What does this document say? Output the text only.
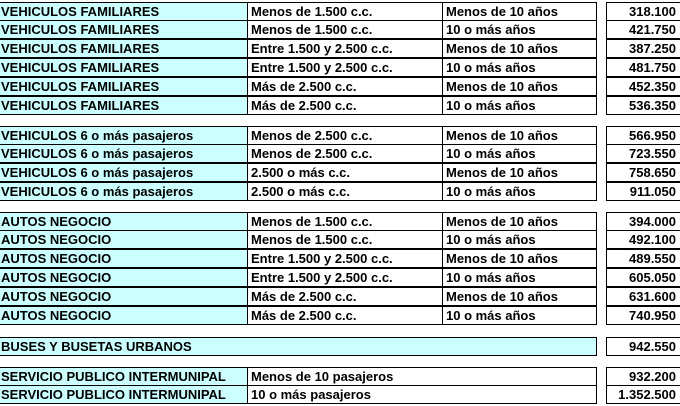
VEHICULOS FAMILIARES	Menos de 1.500 c.c.	Menos de 10 años	318.100
VEHICULOS FAMILIARES	Menos de 1.500 c.c.	10 o más años	421.750
VEHICULOS FAMILIARES	Entre 1.500 y 2.500 c.c.	Menos de 10 años	387.250
VEHICULOS FAMILIARES	Entre 1.500 y 2.500 c.c.	10 o más años	481.750
VEHICULOS FAMILIARES	Más de 2.500 c.c.	Menos de 10 años	452.350
VEHICULOS FAMILIARES	Más de 2.500 c.c.	10 o más años	536.350
VEHICULOS 6 o más pasajeros	Menos de 2.500 c.c.	Menos de 10 años	566.950
VEHICULOS 6 o más pasajeros	Menos de 2.500 c.c.	10 o más años	723.550
VEHICULOS 6 o más pasajeros	2.500 o más c.c.	Menos de 10 años	758.650
VEHICULOS 6 o más pasajeros	2.500 o más c.c.	10 o más años	911.050
AUTOS NEGOCIO	Menos de 1.500 c.c.	Menos de 10 años	394.000
AUTOS NEGOCIO	Menos de 1.500 c.c.	10 o más años	492.100
AUTOS NEGOCIO	Entre 1.500 y 2.500 c.c.	Menos de 10 años	489.550
AUTOS NEGOCIO	Entre 1.500 y 2.500 c.c.	10 o más años	605.050
AUTOS NEGOCIO	Más de 2.500 c.c.	Menos de 10 años	631.600
AUTOS NEGOCIO	Más de 2.500 c.c.	10 o más años	740.950
BUSES Y BUSETAS URBANOS	942.550
SERVICIO PUBLICO INTERMUNIPAL	Menos de 10 pasajeros	932.200
SERVICIO PUBLICO INTERMUNIPAL	10 o más pasajeros	1.352.500
